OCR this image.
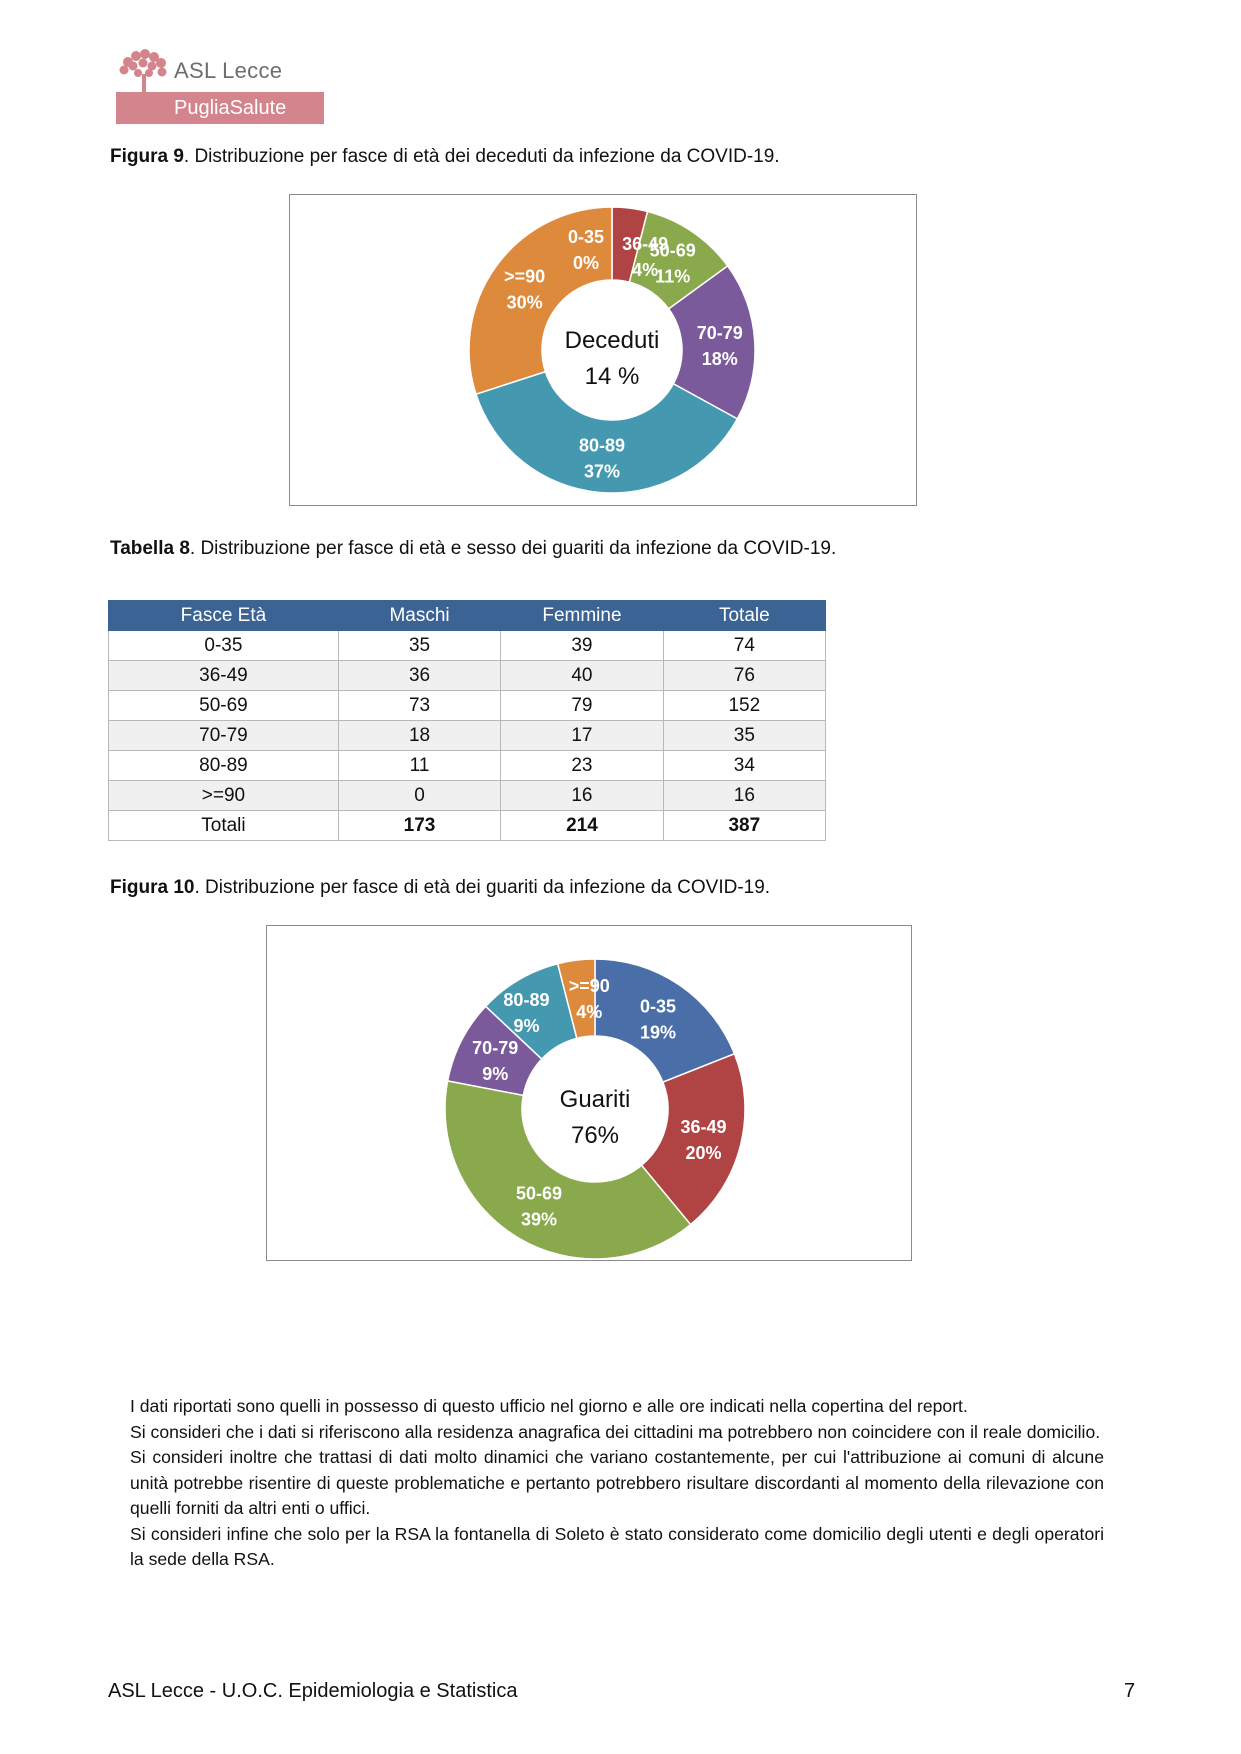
ASL Lecce
PugliaSalute
Figura 9. Distribuzione per fasce di età dei deceduti da infezione da COVID-19.
0-35
0%
36-49
4%
50-69
11%
70-79
18%
80-89
37%
>=90
30%
Deceduti
14 %
Tabella 8. Distribuzione per fasce di età e sesso dei guariti da infezione da COVID-19.
Fasce Età	Maschi	Femmine	Totale
0-35	35	39	74
36-49	36	40	76
50-69	73	79	152
70-79	18	17	35
80-89	11	23	34
>=90	0	16	16
Totali	173	214	387
Figura 10. Distribuzione per fasce di età dei guariti da infezione da COVID-19.
0-35
19%
36-49
20%
50-69
39%
70-79
9%
80-89
9%
>=90
4%
Guariti
76%

I dati riportati sono quelli in possesso di questo ufficio nel giorno e alle ore indicati nella copertina del report.

Si consideri che i dati si riferiscono alla residenza anagrafica dei cittadini ma potrebbero non coincidere con il reale domicilio.

Si consideri inoltre che trattasi di dati molto dinamici che variano costantemente, per cui l'attribuzione ai comuni di alcune unità potrebbe risentire di queste problematiche e pertanto potrebbero risultare discordanti al momento della rilevazione con quelli forniti da altri enti o uffici.

Si consideri infine che solo per la RSA la fontanella di Soleto è stato considerato come domicilio degli utenti e degli operatori la sede della RSA.

ASL Lecce - U.O.C. Epidemiologia e Statistica	7
